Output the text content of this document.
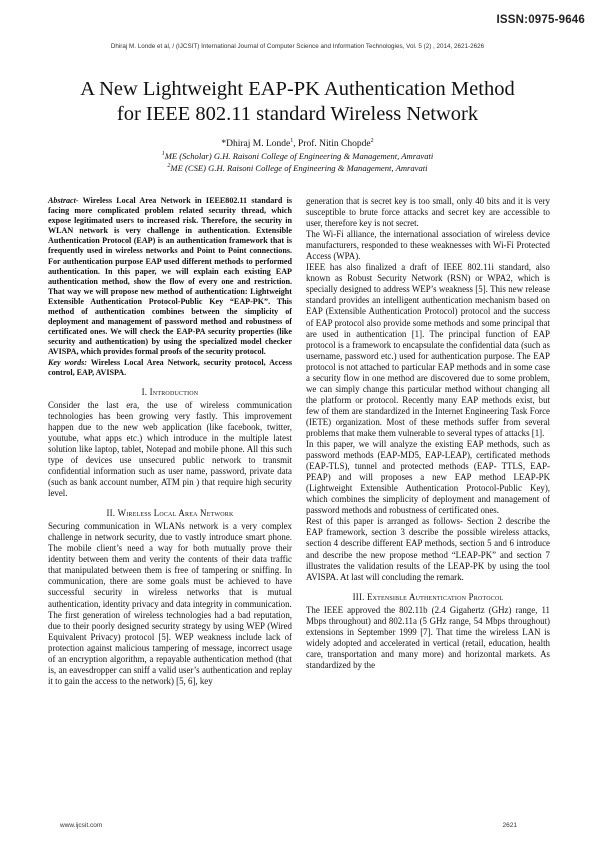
ISSN:0975-9646
Dhiraj M. Londe et al, / (IJCSIT) International Journal of Computer Science and Information Technologies, Vol. 5 (2) , 2014, 2621-2626
A New Lightweight EAP-PK Authentication Method
for IEEE 802.11 standard Wireless Network
*Dhiraj M. Londe$^1$, Prof. Nitin Chopde$^2$
$^1$ME (Scholar) G.H. Raisoni College of Engineering & Management, Amravati
$^2$ME (CSE) G.H. Raisoni College of Engineering & Management, Amravati

Abstract- Wireless Local Area Network in IEEE802.11 standard is facing more complicated problem related security thread, which expose legitimated users to increased risk. Therefore, the security in WLAN network is very challenge in authentication. Extensible Authentication Protocol (EAP) is an authentication framework that is frequently used in wireless networks and Point to Point connections. For authentication purpose EAP used different methods to performed authentication. In this paper, we will explain each existing EAP authentication method, show the flow of every one and restriction. That way we will propose new method of authentication: Lightweight Extensible Authentication Protocol-Public Key “EAP-PK”. This method of authentication combines between the simplicity of deployment and management of password method and robustness of certificated ones. We will check the EAP-PA security properties (like security and authentication) by using the specialized model checker AVISPA, which provides formal proofs of the security protocol.

Key words: Wireless Local Area Network, security protocol, Access control, EAP, AVISPA.

I. Introduction

Consider the last era, the use of wireless communication technologies has been growing very fastly. This improvement happen due to the new web application (like facebook, twitter, youtube, what apps etc.) which introduce in the multiple latest solution like laptop, tablet, Notepad and mobile phone. All this such type of devices use unsecured public network to transmit confidential information such as user name, password, private data (such as bank account number, ATM pin ) that require high security level.

II. Wireless Local Area Network

Securing communication in WLANs network is a very complex challenge in network security, due to vastly introduce smart phone. The mobile client’s need a way for both mutually prove their identity between them and verity the contents of their data traffic that manipulated between them is free of tampering or sniffing. In communication, there are some goals must be achieved to have successful security in wireless networks that is mutual authentication, identity privacy and data integrity in communication.

The first generation of wireless technologies had a bad reputation, due to their poorly designed security strategy by using WEP (Wired Equivalent Privacy) protocol [5]. WEP weakness include lack of protection against malicious tampering of message, incorrect usage of an encryption algorithm, a repayable authentication method (that is, an eavesdropper can sniff a valid user’s authentication and replay it to gain the access to the network) [5, 6], key

generation that is secret key is too small, only 40 bits and it is very susceptible to brute force attacks and secret key are accessible to user, therefore key is not secret.

The Wi-Fi alliance, the international association of wireless device manufacturers, responded to these weaknesses with Wi-Fi Protected Access (WPA).

IEEE has also finalized a draft of IEEE 802.11i standard, also known as Robust Security Network (RSN) or WPA2, which is specially designed to address WEP’s weakness [5]. This new release standard provides an intelligent authentication mechanism based on EAP (Extensible Authentication Protocol) protocol and the success of EAP protocol also provide some methods and some principal that are used in authentication [1]. The principal function of EAP protocol is a framework to encapsulate the confidential data (such as username, password etc.) used for authentication purpose. The EAP protocol is not attached to particular EAP methods and in some case a security flow in one method are discovered due to some problem, we can simply change this particular method without changing all the platform or protocol. Recently many EAP methods exist, but few of them are standardized in the Internet Engineering Task Force (IETE) organization. Most of these methods suffer from several problems that make them vulnerable to several types of attacks [1].

In this paper, we will analyze the existing EAP methods, such as password methods (EAP-MD5, EAP-LEAP), certificated methods (EAP-TLS), tunnel and protected methods (EAP- TTLS, EAP-PEAP) and will proposes a new EAP method LEAP-PK (Lightweight Extensible Authentication Protocol-Public Key), which combines the simplicity of deployment and management of password methods and robustness of certificated ones.

Rest of this paper is arranged as follows- Section 2 describe the EAP framework, section 3 describe the possible wireless attacks, section 4 describe different EAP methods, section 5 and 6 introduce and describe the new propose method “LEAP-PK” and section 7 illustrates the validation results of the LEAP-PK by using the tool AVISPA. At last will concluding the remark.

III. Extensible Authentication Protocol

The IEEE approved the 802.11b (2.4 Gigahertz (GHz) range, 11 Mbps throughout) and 802.11a (5 GHz range, 54 Mbps throughout) extensions in September 1999 [7]. That time the wireless LAN is widely adopted and accelerated in vertical (retail, education, health care, transportation and many more) and horizontal markets. As standardized by the

www.ijcsit.com	2621
